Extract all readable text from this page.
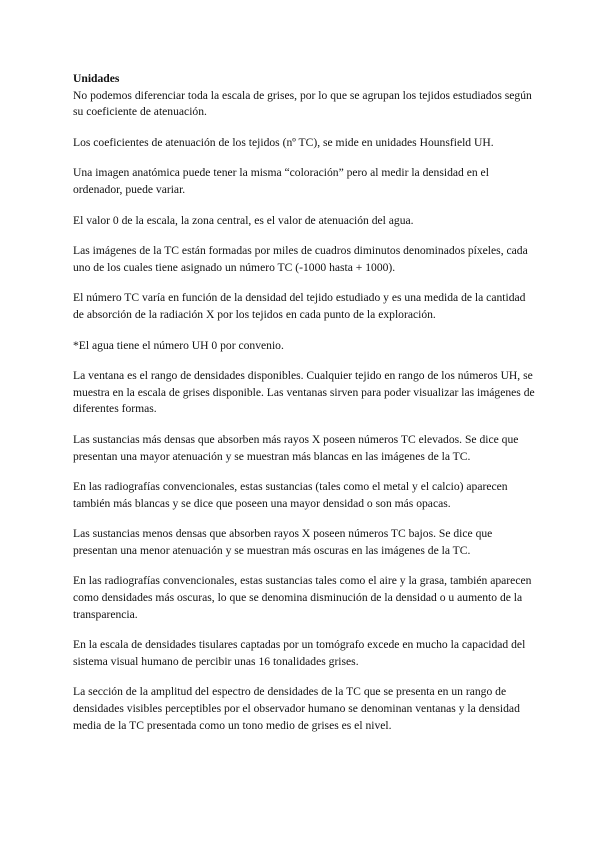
Unidades

No podemos diferenciar toda la escala de grises, por lo que se agrupan los tejidos estudiados según su coeficiente de atenuación.

Los coeficientes de atenuación de los tejidos (nº TC), se mide en unidades Hounsfield UH.

Una imagen anatómica puede tener la misma “coloración” pero al medir la densidad en el ordenador, puede variar.

El valor 0 de la escala, la zona central, es el valor de atenuación del agua.

Las imágenes de la TC están formadas por miles de cuadros diminutos denominados píxeles, cada uno de los cuales tiene asignado un número TC (-1000 hasta + 1000).

El número TC varía en función de la densidad del tejido estudiado y es una medida de la cantidad de absorción de la radiación X por los tejidos en cada punto de la exploración.

*El agua tiene el número UH 0 por convenio.

La ventana es el rango de densidades disponibles. Cualquier tejido en rango de los números UH, se muestra en la escala de grises disponible. Las ventanas sirven para poder visualizar las imágenes de diferentes formas.

Las sustancias más densas que absorben más rayos X poseen números TC elevados. Se dice que presentan una mayor atenuación y se muestran más blancas en las imágenes de la TC.

En las radiografías convencionales, estas sustancias (tales como el metal y el calcio) aparecen también más blancas y se dice que poseen una mayor densidad o son más opacas.

Las sustancias menos densas que absorben rayos X poseen números TC bajos. Se dice que presentan una menor atenuación y se muestran más oscuras en las imágenes de la TC.

En las radiografías convencionales, estas sustancias tales como el aire y la grasa, también aparecen como densidades más oscuras, lo que se denomina disminución de la densidad o u aumento de la transparencia.

En la escala de densidades tisulares captadas por un tomógrafo excede en mucho la capacidad del sistema visual humano de percibir unas 16 tonalidades grises.

La sección de la amplitud del espectro de densidades de la TC que se presenta en un rango de densidades visibles perceptibles por el observador humano se denominan ventanas y la densidad media de la TC presentada como un tono medio de grises es el nivel.
